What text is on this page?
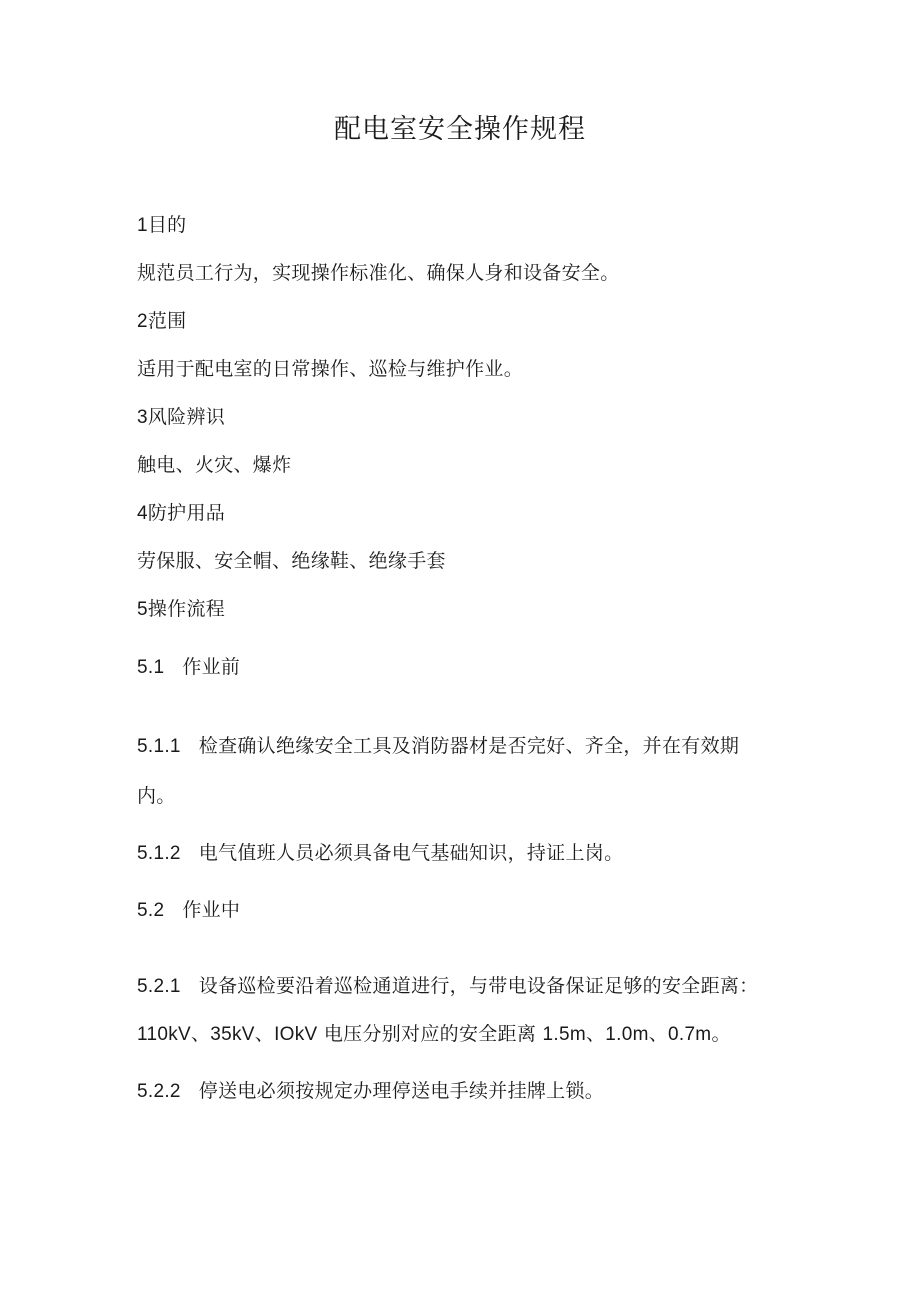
配电室安全操作规程
1目的
规范员工行为，实现操作标准化、确保人身和设备安全。
2范围
适用于配电室的日常操作、巡检与维护作业。
3风险辨识
触电、火灾、爆炸
4防护用品
劳保服、安全帽、绝缘鞋、绝缘手套
5操作流程
5.1 作业前
5.1.1 检查确认绝缘安全工具及消防器材是否完好、齐全，并在有效期
内。
5.1.2 电气值班人员必须具备电气基础知识，持证上岗。
5.2 作业中
5.2.1 设备巡检要沿着巡检通道进行，与带电设备保证足够的安全距离：
110kV、35kV、IOkV 电压分别对应的安全距离 1.5m、1.0m、0.7m。
5.2.2 停送电必须按规定办理停送电手续并挂牌上锁。
